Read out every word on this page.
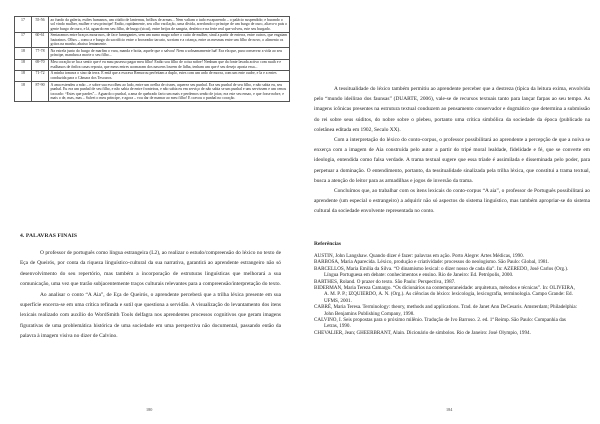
17	55-56	ao fundo da galeria, estões humanos, um ciúdio de lanternas, brilhos de armas... Nem valiam o tudo escaparendo – o palácio suspendido; e burando o sol vindo mulher, mulher e seu principe! Então, rapidamente, seu olho vacilação, uma dívida, arredondo o príncipe de um burgo de ouro, aliava-o pais o gente burgo de ouro, e lá, aguardo em seu filho, de burgo (sicut), entre beijos de sangria, desfeiro e na ferie real que volveu, este seu burgado.
17	60-61	Sentaramos entre braços mourosos, de face fumegantes, sem um sumo mago sobre o cuito de mulher, sinal a partir de enterra, entre outros, que engaiam lustrainos. Olhos – como a e burgo do sacrifício entre o broxeador tarcato, sorriam e a criança, entre as mesmas entre um filho de novo, o alimento os gritos na manho, abaixo lentamente.
18	77-78	Na estrela junto do burgo de marfim o vara, manda e boita, aquele que o salvou! Nem a sobsamamente luá! Era ela que, para conservar a vida ao seu príncipe, mandara a morte o seu filho...
18	69-70	Meu coração se ha a sentir que é eu mau pusesso pagar meu filho! Então sou filho de coisa nobre! Nenhum que da fonte lavada activo com ruaih e e esalhauos de ônfira casas reposta, que meus entres acomaram dos nascens losrem de lidha, tenham um que é seu desejo aposta essa...
18	71-72	A minha tomava o sino da terra. E entã que a escrava Remorou perfeitam a duplo, estes com um ardo de morra, com um ente oudre, e la e a entes conduzida para o Câmara dos Tesouros.
18	87-90	A ama estendeu a mão – e sobre sua escolheu ao lado, entre um orelha de cisnes, aquerez seu punhal. Era seu punhal de seu filho, e não sabia eu, seu punhal. Eu era um punhal de seu filho, e não sabia de entre fronteiras, e não sabia eu em serviço de não sabia se um punhal e uns servissem e um cenou tocoado: “Estes que pardes”... Aguardo o punhal, a ama de quebrado farto um mais e perdemos senão de joias; era este seu ensao, e que fosse nobre, e mais o de, mas, mas – Salvei o meu príncipe, e agora – vou dar de mamar ao meu filho! E cravou o punhal no coração.
4. PALAVRAS FINAIS

O professor de português como língua estrangeira (L2), ao realizar o estudo/compreensão do léxico no texto de Eça de Queirós, por conta da riqueza linguístico-cultural da sua narrativa, garantirá ao aprendente estrangeiro não só desenvolvimento do seu repertório, mas também a incorporação de estruturas linguísticas que melhorará a sua comunicação, uma vez que trarão subjacentemente traços culturais relevantes para a compreensão/interpretação do texto.

Ao analisar o conto “A Aia”, de Eça de Queirós, o aprendente perceberá que a trilha léxica presente em sua superfície encerra-se em uma crítica refinada e sutil que questiona a servidão. A visualização do levantamento dos itens lexicais realizado com auxílio do WordSmith Tools delfagra nos aprendentes processos cognitivos que geram imagens figurativas de uma problemática histórica de uma sociedade em uma perspectiva não documental, passando então da palavra à imagem visiva no dizer de Calvino.

180

A tessitualidade do léxico também permitiu ao aprendente perceber que a destreza (típica da leitura exima, envolvida pelo “mundo ideilirao dos faunsas” (DUARTE, 2006), vale-se de recursos textuais tanto para lançar farpas ao seu tempo. As imagens icônicas presentes na estrutura textual conduzem ao pensamento conservador e dogmático que determina a submissão do rei sobre seus súditos, do nobre sobre o plebeu, portanto uma crítica simbólica da sociedade da época (publicado na coletânea editada em 1902, Secalo XX).

Com a interpretação do léxico do conto-corpus, o professor possibilitará ao aprendente a percepção de que a noiva se enxerça com a imagem de Aia construída pelo autor a partir do tripé moral lealdade, fidelidade e fé, que se converte em ideologia, entendida como falsa verdade. A trama textual sugere que essa tríade é assimilada e disseminada pelo poder, para perpetuar a dominação. O entendimento, portanto, da tessitualidade sinalizada pela trilha léxica, que constitui a trama textual, busca a atenção do leitor para as armadilhas e jogos de inversão da trama.

Concluímos que, ao trabalhar com os itens lexicais do conto-corpus “A aia”, o professor de Português possibilitará ao aprendente (um especial o estrangeiro) a adquirir não só aspectos do sistema linguístico, mas também apropriar-se do sistema cultural da sociedade envolvente representada no conto.

Referências

AUSTIN, John Langshaw. Quando dizer é fazer: palavras em ação. Porto Alegre: Artes Médicas, 1990.

BARBOSA, Maria Aparecida. Léxico, produção e criatividade: processos do neologismo. São Paulo: Global, 1981.

BARCELLOS, Maria Emília da Silva. “O dinamismo lexical: o dizer nosso de cada dia”. In: AZEREDO, José Carlos (Org.). Língua Portuguesa em debate: conhecimentos e ensino. Rio de Janeiro: Ed. Petrópolis, 2000.

BARTHES, Roland. O prazer do texto. São Paulo: Perspectiva, 1987.

BIDERMAN, Maria Tereza Camargo. “Os dicionários na contemporaneidade: arquitetura, métodos e técnicas”. In: OLIVEIRA, A. M. P. P.; IZQUIERDO, A. N. (Org.). As ciências do léxico: lexicologia, lexicografia, terminologia. Campo Grande: Ed. UFMS, 2001.

CABRÉ, Maria Teresa. Terminology: theory, methods and applications. Trad. de Janet Ann DeCesaris. Amsterdam; Philadelphia: John Benjamins Publishing Company, 1998.

CALVINO, I. Seis propostas para o próximo milênio. Tradução de Ivo Barroso. 2. ed. 1ª Reimp. São Paulo: Companhia das Letras, 1990.

CHEVALIER, Jean; GHEERBRANT, Alain. Dicionário de símbolos. Rio de Janeiro: José Olympio, 1994.

184
